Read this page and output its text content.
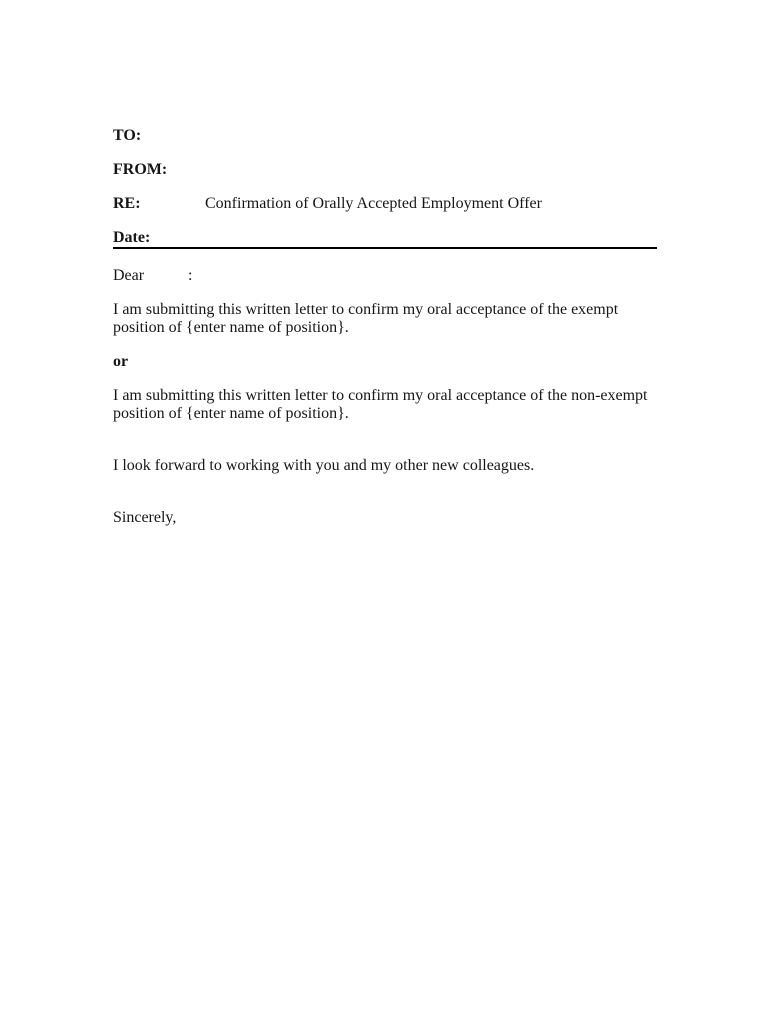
TO:

FROM:

RE:	Confirmation of Orally Accepted Employment Offer

Date:

Dear	:

I am submitting this written letter to confirm my oral acceptance of the exempt position of {enter name of position}.

or

I am submitting this written letter to confirm my oral acceptance of the non-exempt position of {enter name of position}.

I look forward to working with you and my other new colleagues.

Sincerely,
